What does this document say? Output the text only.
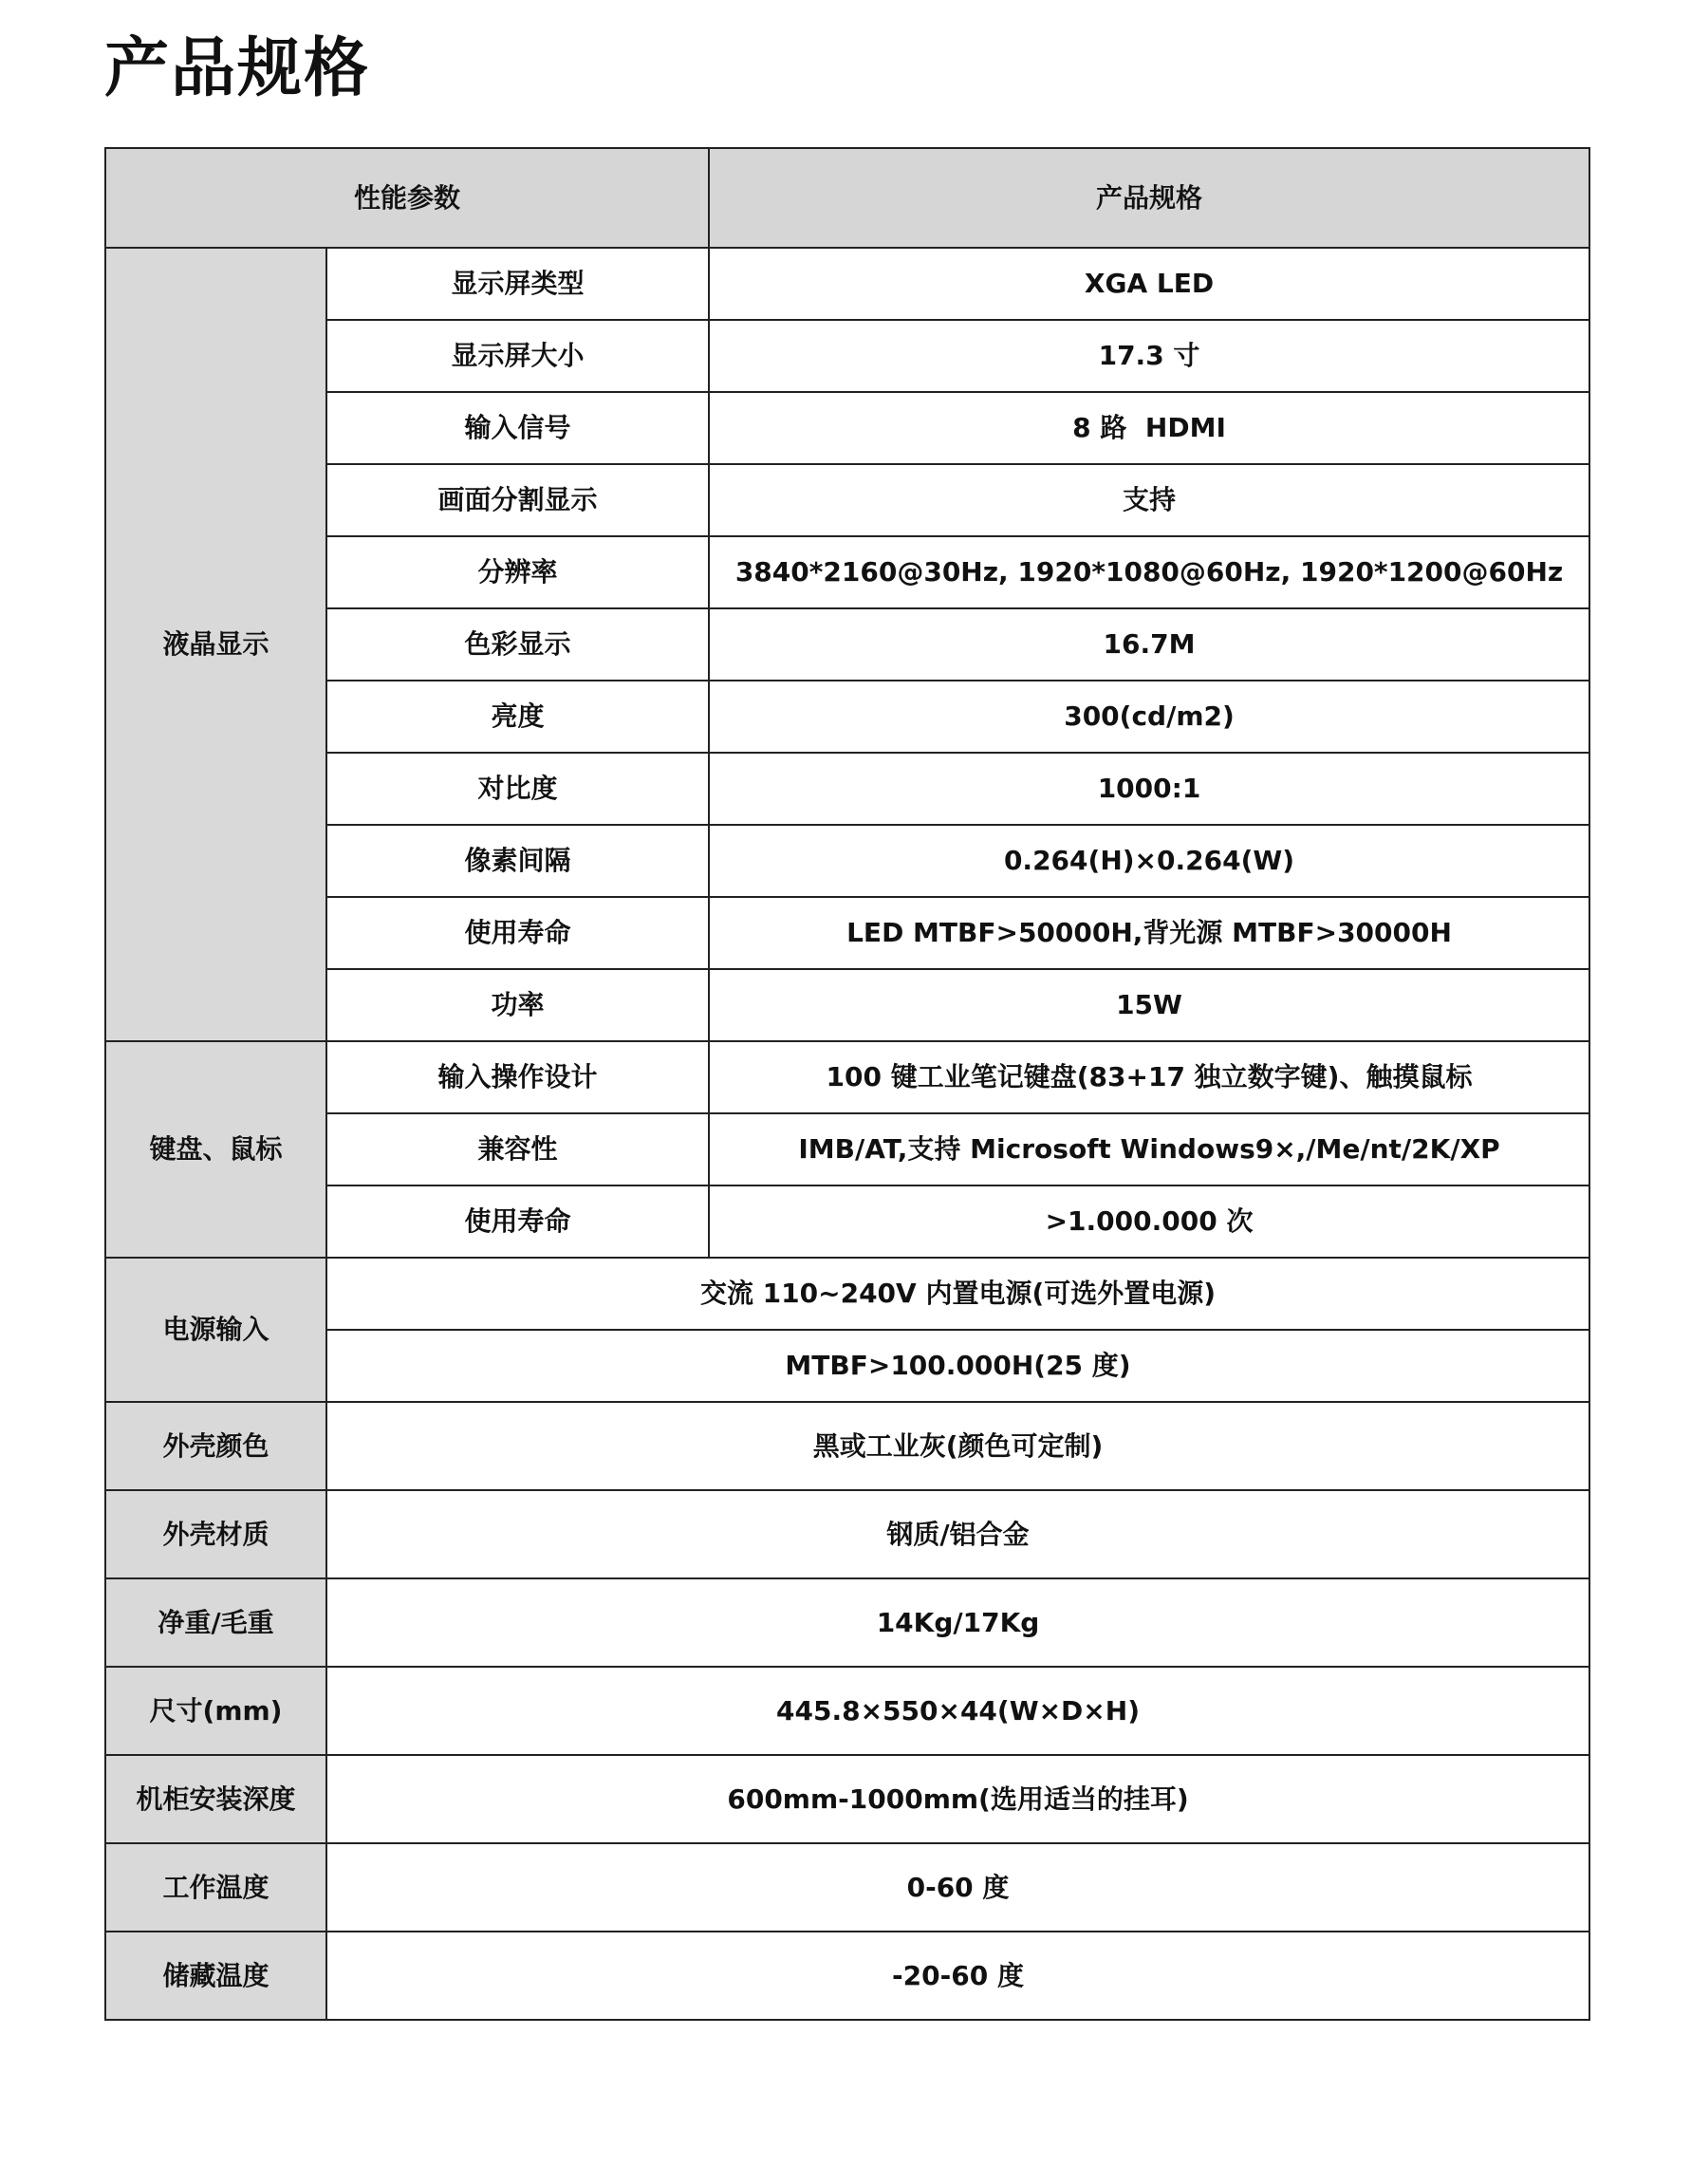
产品规格
性能参数		产品规格
液晶显示	显示屏类型	XGA LED
	显示屏大小	17.3 寸
	输入信号	8 路  HDMI
	画面分割显示	支持
	分辨率	3840*2160@30Hz, 1920*1080@60Hz, 1920*1200@60Hz
	色彩显示	16.7M
	亮度	300(cd/m2)
	对比度	1000:1
	像素间隔	0.264(H)×0.264(W)
	使用寿命	LED MTBF>50000H,背光源 MTBF>30000H
	功率	15W
键盘、鼠标	输入操作设计	100 键工业笔记键盘(83+17 独立数字键)、触摸鼠标
	兼容性	IMB/AT,支持 Microsoft Windows9×,/Me/nt/2K/XP
	使用寿命	>1.000.000 次
电源输入	交流 110~240V 内置电源(可选外置电源)	
	MTBF>100.000H(25 度)	
外壳颜色	黑或工业灰(颜色可定制)	
外壳材质	钢质/铝合金	
净重/毛重	14Kg/17Kg	
尺寸(mm)	445.8×550×44(W×D×H)	
机柜安装深度	600mm-1000mm(选用适当的挂耳)	
工作温度	0-60 度	
储藏温度	-20-60 度	
